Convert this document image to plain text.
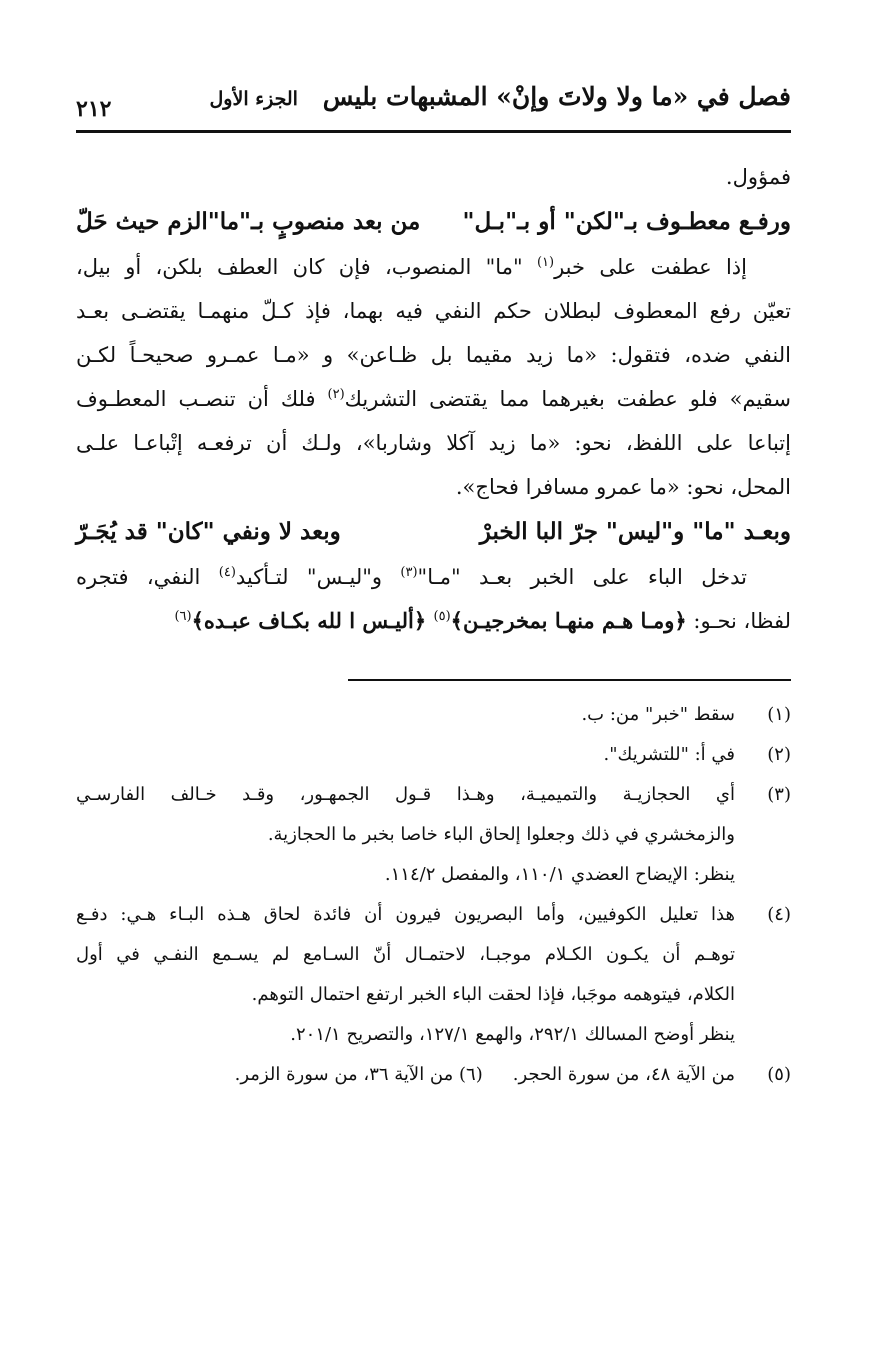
فصل في «ما ولا ولاتَ وإنْ» المشبهات بليس الجزء الأول
٢١٢

فمؤول.

ورفـع معطـوف بـ"لكن" أو بـ"بـل"
من بعد منصوبٍ بـ"ما"الزم حيث حَلّ

إذا عطفت على خبر$^{(١)}$ "ما" المنصوب، فإن كان العطف بلكن، أو بيل،

تعيّن رفع المعطوف لبطلان حكم النفي فيه بهما، فإذ كـلّ منهمـا يقتضـى بعـد

النفي ضده، فتقول: «ما زيد مقيما بل ظـاعن» و «مـا عمـرو صحيحـاً لكـن

سقيم» فلو عطفت بغيرهما مما يقتضى التشريك$^{(٢)}$ فلك أن تنصـب المعطـوف

إتباعا على اللفظ، نحو: «ما زيد آكلا وشاربا»، ولـك أن ترفعـه إتْباعـا علـى

المحل، نحو: «ما عمرو مسافرا فحاج».

وبعـد "ما" و"ليس" جرّ البا الخبرْ
وبعد لا ونفي "كان" قد يُجَـرّ

تدخل الباء على الخبر بعـد "مـا"$^{(٣)}$ و"ليـس" لتـأكيد$^{(٤)}$ النفي، فتجره

لفظا، نحـو: ﴿ومـا هـم منهـا بمخرجيـن﴾$^{(٥)}$ ﴿أليـس ا لله بكـاف عبـده﴾$^{(٦)}$

(١)
سقط "خبر" من: ب.
(٢)
في أ: "للتشريك".
(٣)

أي الحجازيـة والتميميـة، وهـذا قـول الجمهـور، وقـد خـالف الفارسـي

والزمخشري في ذلك وجعلوا إلحاق الباء خاصا بخبر ما الحجازية.

ينظر: الإيضاح العضدي ١١٠/١، والمفصل ١١٤/٢.

(٤)

هذا تعليل الكوفيين، وأما البصريون فيرون أن فائدة لحاق هـذه البـاء هـي: دفـع

توهـم أن يكـون الكـلام موجبـا، لاحتمـال أنّ السـامع لم يسـمع النفـي في أول

الكلام، فيتوهمه موجَبا، فإذا لحقت الباء الخبر ارتفع احتمال التوهم.

ينظر أوضح المسالك ٢٩٢/١، والهمع ١٢٧/١، والتصريح ٢٠١/١.

(٥)
من الآية ٤٨، من سورة الحجر.
(٦) من الآية ٣٦، من سورة الزمر.
